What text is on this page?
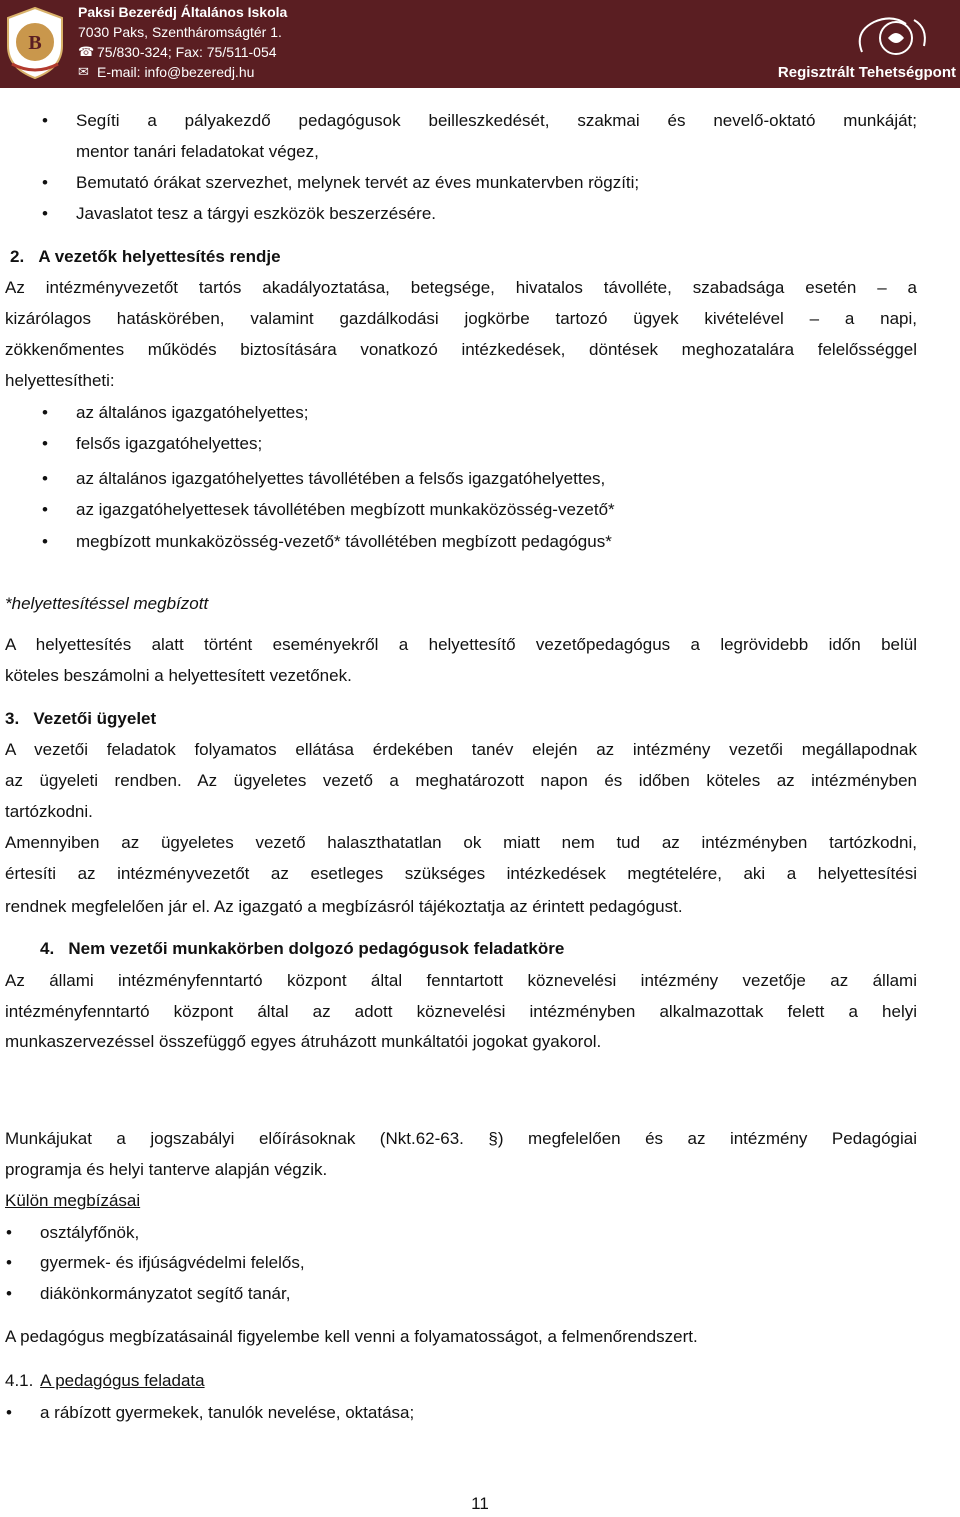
B
Paksi Bezerédj Általános Iskola
7030 Paks, Szentháromságtér 1.
☎ 75/830-324; Fax: 75/511-054
✉ E-mail: info@bezeredj.hu	Regisztrált Tehetségpont
•	Segíti a pályakezdő pedagógusok beilleszkedését, szakmai és nevelő-oktató munkáját;
mentor tanári feladatokat végez,
•	Bemutató órákat szervezhet, melynek tervét az éves munkatervben rögzíti;
•	Javaslatot tesz a tárgyi eszközök beszerzésére.
2. A vezetők helyettesítés rendje
Az intézményvezetőt tartós akadályoztatása, betegsége, hivatalos távolléte, szabadsága esetén – a
kizárólagos hatáskörében, valamint gazdálkodási jogkörbe tartozó ügyek kivételével – a napi,
zökkenőmentes működés biztosítására vonatkozó intézkedések, döntések meghozatalára felelősséggel
helyettesítheti:
•	az általános igazgatóhelyettes;
•	felsős igazgatóhelyettes;
•	az általános igazgatóhelyettes távollétében a felsős igazgatóhelyettes,
•	az igazgatóhelyettesek távollétében megbízott munkaközösség-vezető*
•	megbízott munkaközösség-vezető* távollétében megbízott pedagógus*
*helyettesítéssel megbízott
A helyettesítés alatt történt eseményekről a helyettesítő vezetőpedagógus a legrövidebb időn belül
köteles beszámolni a helyettesített vezetőnek.
3. Vezetői ügyelet
A vezetői feladatok folyamatos ellátása érdekében tanév elején az intézmény vezetői megállapodnak
az ügyeleti rendben. Az ügyeletes vezető a meghatározott napon és időben köteles az intézményben
tartózkodni.
Amennyiben az ügyeletes vezető halaszthatatlan ok miatt nem tud az intézményben tartózkodni,
értesíti az intézményvezetőt az esetleges szükséges intézkedések megtételére, aki a helyettesítési
rendnek megfelelően jár el. Az igazgató a megbízásról tájékoztatja az érintett pedagógust.
4. Nem vezetői munkakörben dolgozó pedagógusok feladatköre
Az állami intézményfenntartó központ által fenntartott köznevelési intézmény vezetője az állami
intézményfenntartó központ által az adott köznevelési intézményben alkalmazottak felett a helyi
munkaszervezéssel összefüggő egyes átruházott munkáltatói jogokat gyakorol.
Munkájukat a jogszabályi előírásoknak (Nkt.62-63. §) megfelelően és az intézmény Pedagógiai
programja és helyi tanterve alapján végzik.
Külön megbízásai
•	osztályfőnök,
•	gyermek- és ifjúságvédelmi felelős,
•	diákönkormányzatot segítő tanár,
A pedagógus megbízatásainál figyelembe kell venni a folyamatosságot, a felmenőrendszert.
4.1. A pedagógus feladata
•	a rábízott gyermekek, tanulók nevelése, oktatása;
11
